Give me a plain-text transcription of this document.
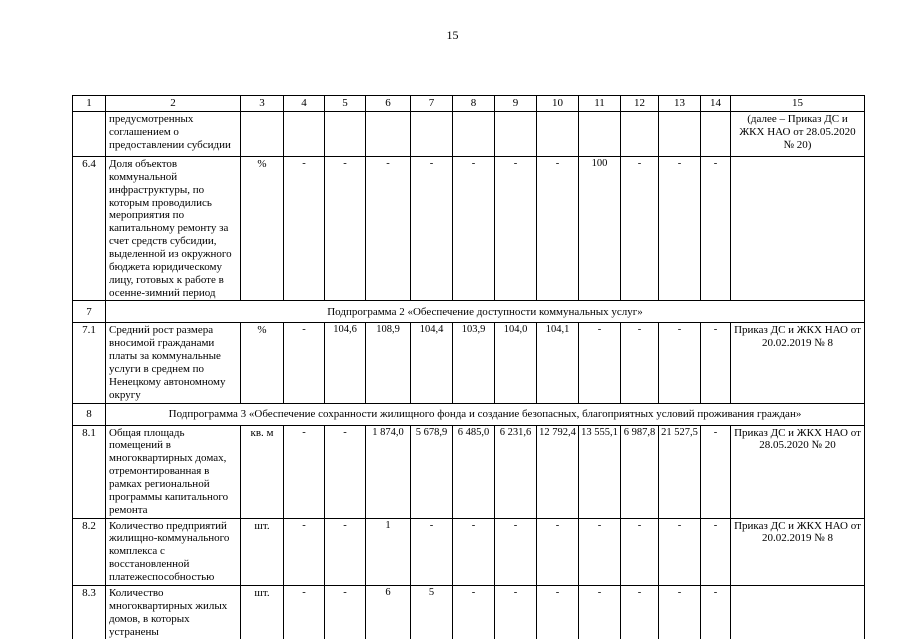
15
1	2	3	4	5	6	7	8	9	10	11	12	13	14	15
	предусмотренных соглашением о предоставлении субсидии													(далее – Приказ ДС и ЖКХ НАО от 28.05.2020 № 20)
6.4	Доля объектов коммунальной инфраструктуры, по которым проводились мероприятия по капитальному ремонту за счет средств субсидии, выделенной из окружного бюджета юридическому лицу, готовых к работе в осенне-зимний период	%	-	-	-	-	-	-	-	100	-	-	-	
7	Подпрограмма 2 «Обеспечение доступности коммунальных услуг»													
7.1	Средний рост размера вносимой гражданами платы за коммунальные услуги в среднем по Ненецкому автономному округу	%	-	104,6	108,9	104,4	103,9	104,0	104,1	-	-	-	-	Приказ ДС и ЖКХ НАО от 20.02.2019 № 8
8	Подпрограмма 3 «Обеспечение сохранности жилищного фонда и создание безопасных, благоприятных условий проживания граждан»													
8.1	Общая площадь помещений в многоквартирных домах, отремонтированная в рамках региональной программы капитального ремонта	кв. м	-	-	1 874,0	5 678,9	6 485,0	6 231,6	12 792,4	13 555,1	6 987,8	21 527,5	-	Приказ ДС и ЖКХ НАО от 28.05.2020 № 20
8.2	Количество предприятий жилищно-коммунального комплекса с восстановленной платежеспособностью	шт.	-	-	1	-	-	-	-	-	-	-	-	Приказ ДС и ЖКХ НАО от 20.02.2019 № 8
8.3	Количество многоквартирных жилых домов, в которых устранены	шт.	-	-	6	5	-	-	-	-	-	-	-	
